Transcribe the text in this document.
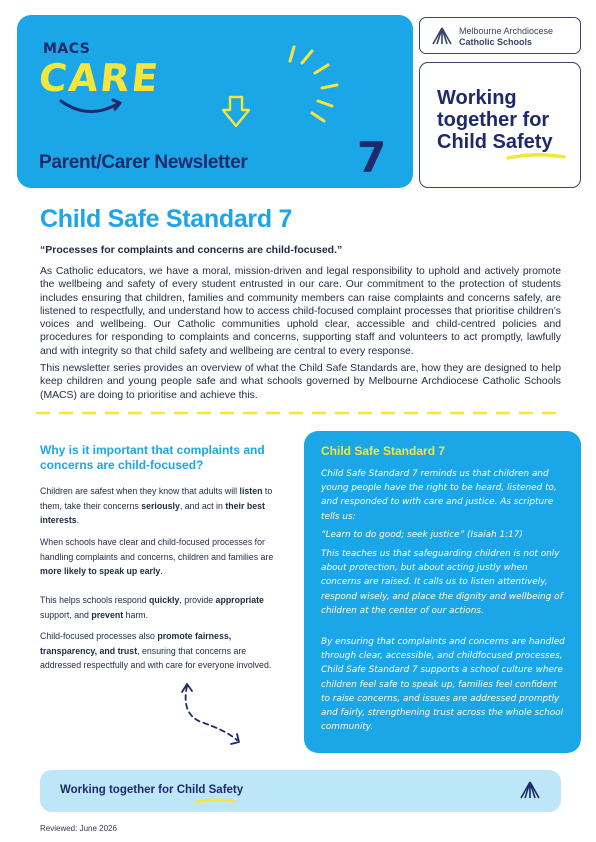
MACS
CARE
Parent/Carer Newsletter	7
Melbourne Archdiocese
Catholic Schools
Working together for Child Safety
Child Safe Standard 7
“Processes for complaints and concerns are child-focused.”

As Catholic educators, we have a moral, mission-driven and legal responsibility to uphold and actively promote the wellbeing and safety of every student entrusted in our care. Our commitment to the protection of students includes ensuring that children, families and community members can raise complaints and concerns safely, are listened to respectfully, and understand how to access child-focused complaint processes that prioritise children’s voices and wellbeing. Our Catholic communities uphold clear, accessible and child-centred policies and procedures for responding to complaints and concerns, supporting staff and volunteers to act promptly, lawfully and with integrity so that child safety and wellbeing are central to every response.

This newsletter series provides an overview of what the Child Safe Standards are, how they are designed to help keep children and young people safe and what schools governed by Melbourne Archdiocese Catholic Schools (MACS) are doing to prioritise and achieve this.

Why is it important that complaints and concerns are child-focused?

Children are safest when they know that adults will listen to them, take their concerns seriously, and act in their best interests.

When schools have clear and child-focused processes for handling complaints and concerns, children and families are more likely to speak up early.

This helps schools respond quickly, provide appropriate support, and prevent harm.

Child-focused processes also promote fairness, transparency, and trust, ensuring that concerns are addressed respectfully and with care for everyone involved.

Child Safe Standard 7

Child Safe Standard 7 reminds us that children and young people have the right to be heard, listened to, and responded to with care and justice. As scripture tells us:

“Learn to do good; seek justice” (Isaiah 1:17)

This teaches us that safeguarding children is not only about protection, but about acting justly when concerns are raised. It calls us to listen attentively, respond wisely, and place the dignity and wellbeing of children at the center of our actions.

By ensuring that complaints and concerns are handled through clear, accessible, and childfocused processes, Child Safe Standard 7 supports a school culture where children feel safe to speak up, families feel confident to raise concerns, and issues are addressed promptly and fairly, strengthening trust across the whole school community.

Working together for Child Safety
Reviewed: June 2026
